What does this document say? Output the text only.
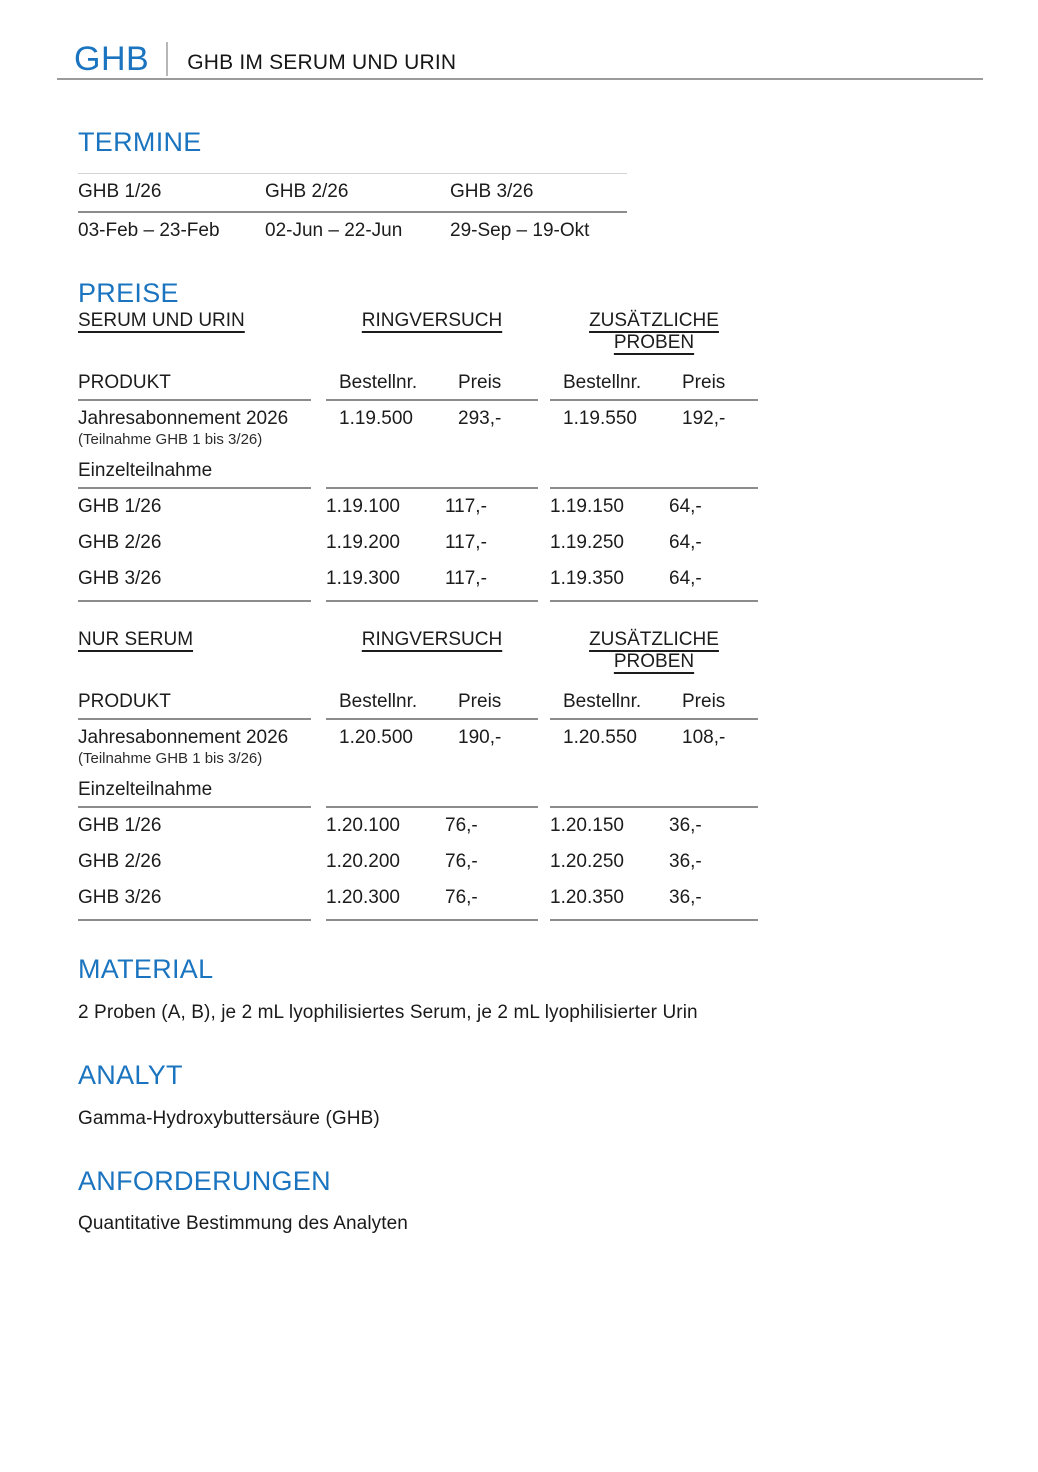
GHB GHB IM SERUM UND URIN
TERMINE
GHB 1/26	GHB 2/26	GHB 3/26
03-Feb – 23-Feb	02-Jun – 22-Jun	29-Sep – 19-Okt
PREISE
SERUM UND URIN	RINGVERSUCH	ZUSÄTZLICHE PROBEN
PRODUKT	Bestellnr.	Preis	Bestellnr.	Preis
Jahresabonnement 2026	1.19.500	293,-	1.19.550	192,-
(Teilnahme GHB 1 bis 3/26)
Einzelteilnahme
GHB 1/26	1.19.100	117,-	1.19.150	64,-
GHB 2/26	1.19.200	117,-	1.19.250	64,-
GHB 3/26	1.19.300	117,-	1.19.350	64,-
NUR SERUM	RINGVERSUCH	ZUSÄTZLICHE PROBEN
PRODUKT	Bestellnr.	Preis	Bestellnr.	Preis
Jahresabonnement 2026	1.20.500	190,-	1.20.550	108,-
(Teilnahme GHB 1 bis 3/26)
Einzelteilnahme
GHB 1/26	1.20.100	76,-	1.20.150	36,-
GHB 2/26	1.20.200	76,-	1.20.250	36,-
GHB 3/26	1.20.300	76,-	1.20.350	36,-
MATERIAL

2 Proben (A, B), je 2 mL lyophilisiertes Serum, je 2 mL lyophilisierter Urin

ANALYT

Gamma-Hydroxybuttersäure (GHB)

ANFORDERUNGEN

Quantitative Bestimmung des Analyten
